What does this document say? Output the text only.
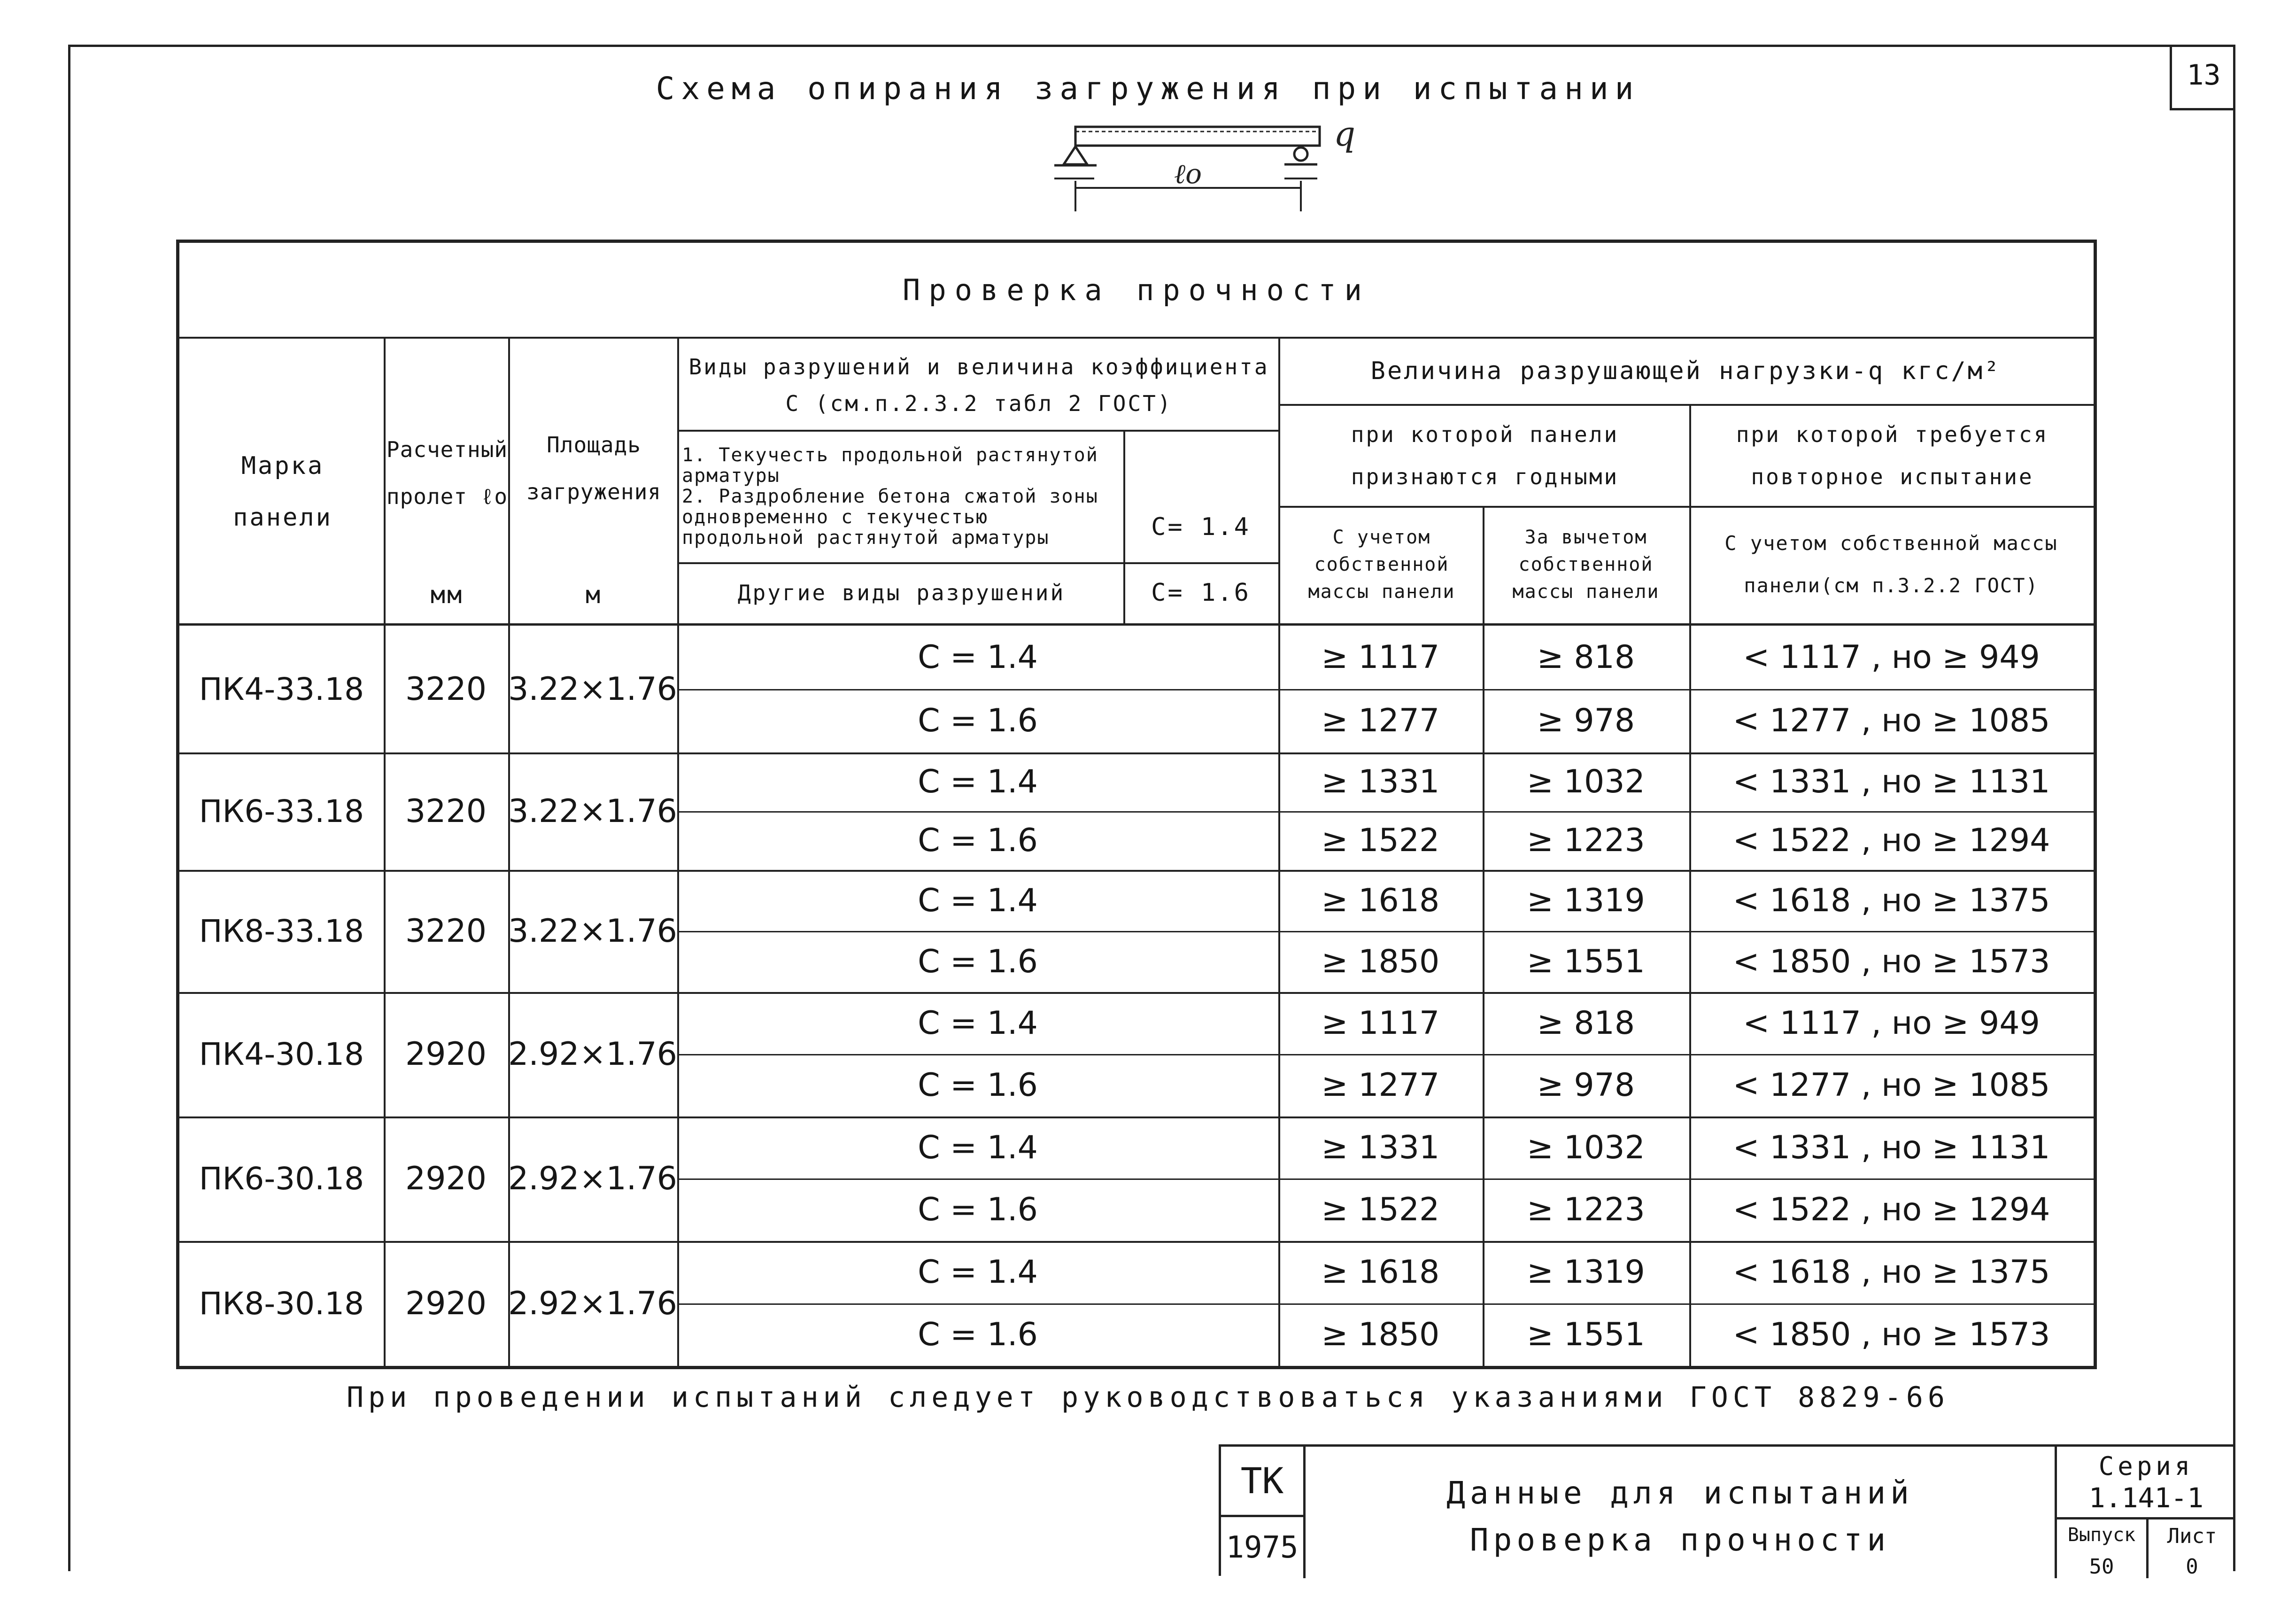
13
Схема опирания загружения при испытании
q
ℓo
Проверка прочности
Марка панели
Расчетный пролет ℓo
мм
Площадь загружения
м
Виды разрушений и величина коэффициента C (см.п.2.3.2 табл 2 ГОСТ)
1. Текучесть продольной растянутой арматуры
2. Раздробление бетона сжатой зоны одновременно с текучестью продольной растянутой арматуры	C= 1.4
Другие виды разрушений	C= 1.6
Величина разрушающей нагрузки-q кгс/м²
при которой панели признаются годными
при которой требуется повторное испытание
С учетом собственной массы панели
За вычетом собственной массы панели
С учетом собственной массы панели(см п.3.2.2 ГОСТ)
ПК4-33.18	3220 3.22×1.76
C = 1.4	≥ 1117	≥ 818	< 1117 , но ≥ 949
C = 1.6	≥ 1277	≥ 978	< 1277 , но ≥ 1085
ПК6-33.18	3220 3.22×1.76
C = 1.4	≥ 1331	≥ 1032	< 1331 , но ≥ 1131
C = 1.6	≥ 1522	≥ 1223	< 1522 , но ≥ 1294
ПК8-33.18	3220 3.22×1.76
C = 1.4	≥ 1618	≥ 1319	< 1618 , но ≥ 1375
C = 1.6	≥ 1850	≥ 1551	< 1850 , но ≥ 1573
ПК4-30.18	2920 2.92×1.76
C = 1.4	≥ 1117	≥ 818	< 1117 , но ≥ 949
C = 1.6	≥ 1277	≥ 978	< 1277 , но ≥ 1085
ПК6-30.18	2920 2.92×1.76
C = 1.4	≥ 1331	≥ 1032	< 1331 , но ≥ 1131
C = 1.6	≥ 1522	≥ 1223	< 1522 , но ≥ 1294
ПК8-30.18	2920 2.92×1.76
C = 1.4	≥ 1618	≥ 1319	< 1618 , но ≥ 1375
C = 1.6	≥ 1850	≥ 1551	< 1850 , но ≥ 1573
При проведении испытаний следует руководствоваться указаниями ГОСТ 8829-66
ТК
1975
Данные для испытаний
Проверка прочности
Серия
1.141-1
Выпуск	Лист
50	0
